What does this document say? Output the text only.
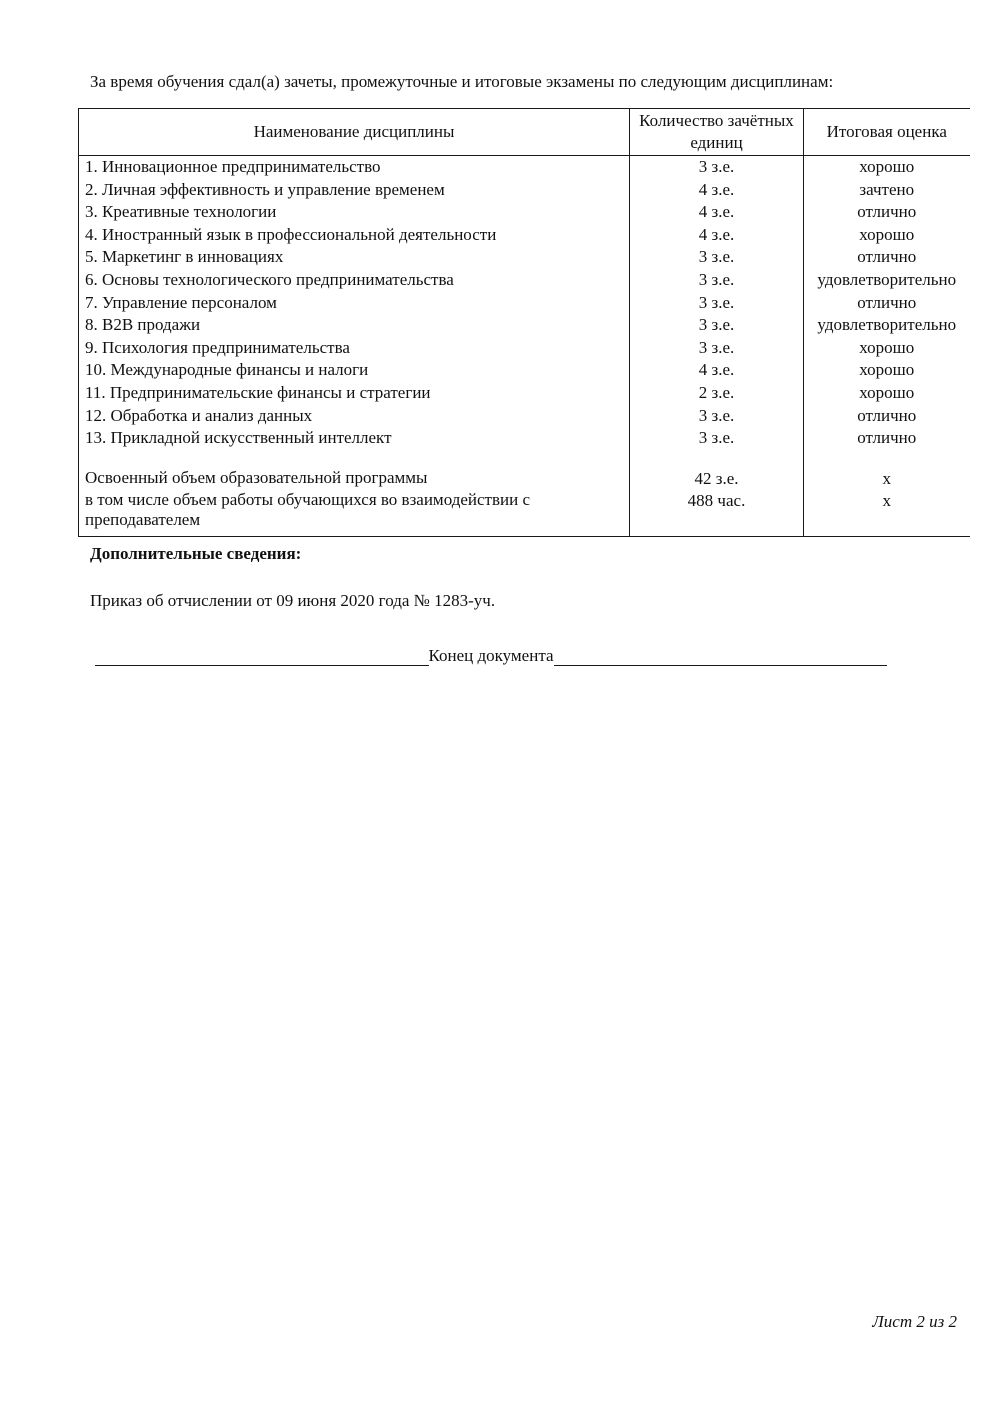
За время обучения сдал(а) зачеты, промежуточные и итоговые экзамены по следующим дисциплинам:

Наименование дисциплины	Количество зачётных единиц	Итоговая оценка
1. Инновационное предпринимательство	3 з.е.	хорошо
2. Личная эффективность и управление временем	4 з.е.	зачтено
3. Креативные технологии	4 з.е.	отлично
4. Иностранный язык в профессиональной деятельности	4 з.е.	хорошо
5. Маркетинг в инновациях	3 з.е.	отлично
6. Основы технологического предпринимательства	3 з.е.	удовлетворительно
7. Управление персоналом	3 з.е.	отлично
8. B2B продажи	3 з.е.	удовлетворительно
9. Психология предпринимательства	3 з.е.	хорошо
10. Международные финансы и налоги	4 з.е.	хорошо
11. Предпринимательские финансы и стратегии	2 з.е.	хорошо
12. Обработка и анализ данных	3 з.е.	отлично
13. Прикладной искусственный интеллект	3 з.е.	отлично

Освоенный объем образовательной программы	42 з.е.	x
в том числе объем работы обучающихся во взаимодействии с преподавателем	488 час.	x

Дополнительные сведения:

Приказ об отчислении от 09 июня 2020 года № 1283-уч.

Конец документа

Лист 2 из 2
